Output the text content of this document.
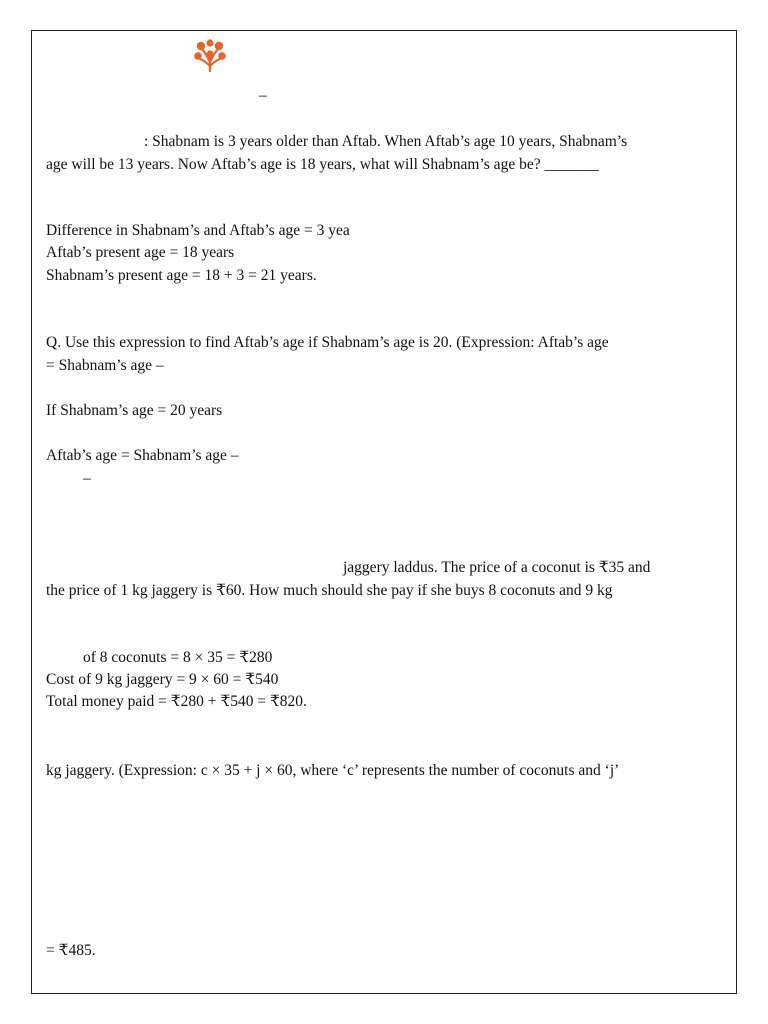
–

: Shabnam is 3 years older than Aftab. When Aftab’s age 10 years, Shabnam’s

age will be 13 years. Now Aftab’s age is 18 years, what will Shabnam’s age be? _______

Difference in Shabnam’s and Aftab’s age = 3 yea

Aftab’s present age = 18 years

Shabnam’s present age = 18 + 3 = 21 years.

Q. Use this expression to find Aftab’s age if Shabnam’s age is 20. (Expression: Aftab’s age

= Shabnam’s age –

If Shabnam’s age = 20 years

Aftab’s age = Shabnam’s age –

–

jaggery laddus. The price of a coconut is ₹35 and

the price of 1 kg jaggery is ₹60. How much should she pay if she buys 8 coconuts and 9 kg

of 8 coconuts = 8 × 35 = ₹280

Cost of 9 kg jaggery = 9 × 60 = ₹540

Total money paid = ₹280 + ₹540 = ₹820.

kg jaggery. (Expression: c × 35 + j × 60, where ‘c’ represents the number of coconuts and ‘j’

= ₹485.
